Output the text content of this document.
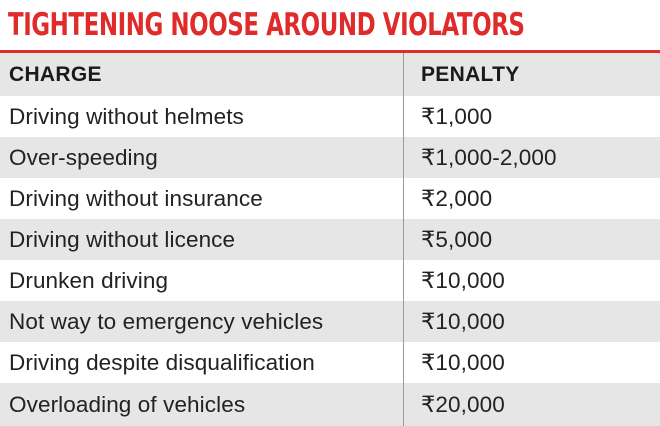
TIGHTENING NOOSE AROUND VIOLATORS
CHARGE	PENALTY
Driving without helmets	₹1,000
Over-speeding	₹1,000-2,000
Driving without insurance	₹2,000
Driving without licence	₹5,000
Drunken driving	₹10,000
Not way to emergency vehicles	₹10,000
Driving despite disqualification	₹10,000
Overloading of vehicles	₹20,000
